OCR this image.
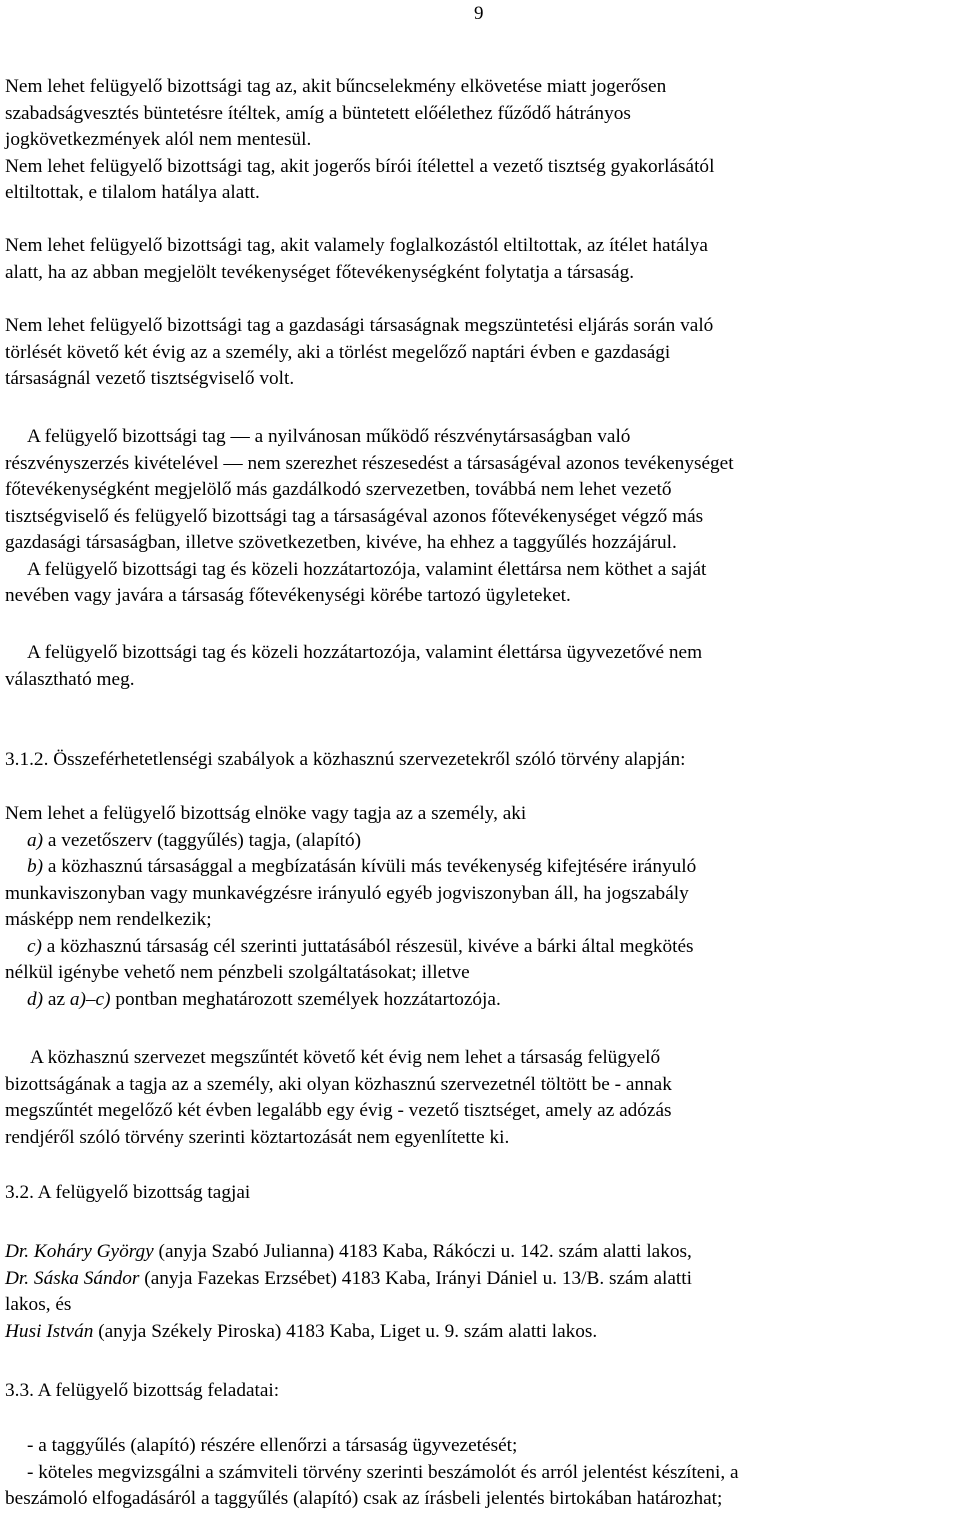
9
Nem lehet felügyelő bizottsági tag az, akit bűncselekmény elkövetése miatt jogerősen
szabadságvesztés büntetésre ítéltek, amíg a büntetett előélethez fűződő hátrányos
jogkövetkezmények alól nem mentesül.
Nem lehet felügyelő bizottsági tag, akit jogerős bírói ítélettel a vezető tisztség gyakorlásától
eltiltottak, e tilalom hatálya alatt.
Nem lehet felügyelő bizottsági tag, akit valamely foglalkozástól eltiltottak, az ítélet hatálya
alatt, ha az abban megjelölt tevékenységet főtevékenységként folytatja a társaság.
Nem lehet felügyelő bizottsági tag a gazdasági társaságnak megszüntetési eljárás során való
törlését követő két évig az a személy, aki a törlést megelőző naptári évben e gazdasági
társaságnál vezető tisztségviselő volt.
A felügyelő bizottsági tag — a nyilvánosan működő részvénytársaságban való
részvényszerzés kivételével — nem szerezhet részesedést a társaságéval azonos tevékenységet
főtevékenységként megjelölő más gazdálkodó szervezetben, továbbá nem lehet vezető
tisztségviselő és felügyelő bizottsági tag a társaságéval azonos főtevékenységet végző más
gazdasági társaságban, illetve szövetkezetben, kivéve, ha ehhez a taggyűlés hozzájárul.
A felügyelő bizottsági tag és közeli hozzátartozója, valamint élettársa nem köthet a saját
nevében vagy javára a társaság főtevékenységi körébe tartozó ügyleteket.
A felügyelő bizottsági tag és közeli hozzátartozója, valamint élettársa ügyvezetővé nem
választható meg.
3.1.2. Összeférhetetlenségi szabályok a közhasznú szervezetekről szóló törvény alapján:
Nem lehet a felügyelő bizottság elnöke vagy tagja az a személy, aki
a) a vezetőszerv (taggyűlés) tagja, (alapító)
b) a közhasznú társasággal a megbízatásán kívüli más tevékenység kifejtésére irányuló
munkaviszonyban vagy munkavégzésre irányuló egyéb jogviszonyban áll, ha jogszabály
másképp nem rendelkezik;
c) a közhasznú társaság cél szerinti juttatásából részesül, kivéve a bárki által megkötés
nélkül igénybe vehető nem pénzbeli szolgáltatásokat; illetve
d) az a)–c) pontban meghatározott személyek hozzátartozója.
A közhasznú szervezet megszűntét követő két évig nem lehet a társaság felügyelő
bizottságának a tagja az a személy, aki olyan közhasznú szervezetnél töltött be - annak
megszűntét megelőző két évben legalább egy évig - vezető tisztséget, amely az adózás
rendjéről szóló törvény szerinti köztartozását nem egyenlítette ki.
3.2. A felügyelő bizottság tagjai
Dr. Koháry György (anyja Szabó Julianna) 4183 Kaba, Rákóczi u. 142. szám alatti lakos,
Dr. Sáska Sándor (anyja Fazekas Erzsébet) 4183 Kaba, Irányi Dániel u. 13/B. szám alatti
lakos, és
Husi István (anyja Székely Piroska) 4183 Kaba, Liget u. 9. szám alatti lakos.
3.3. A felügyelő bizottság feladatai:
- a taggyűlés (alapító) részére ellenőrzi a társaság ügyvezetését;
- köteles megvizsgálni a számviteli törvény szerinti beszámolót és arról jelentést készíteni, a
beszámoló elfogadásáról a taggyűlés (alapító) csak az írásbeli jelentés birtokában határozhat;
